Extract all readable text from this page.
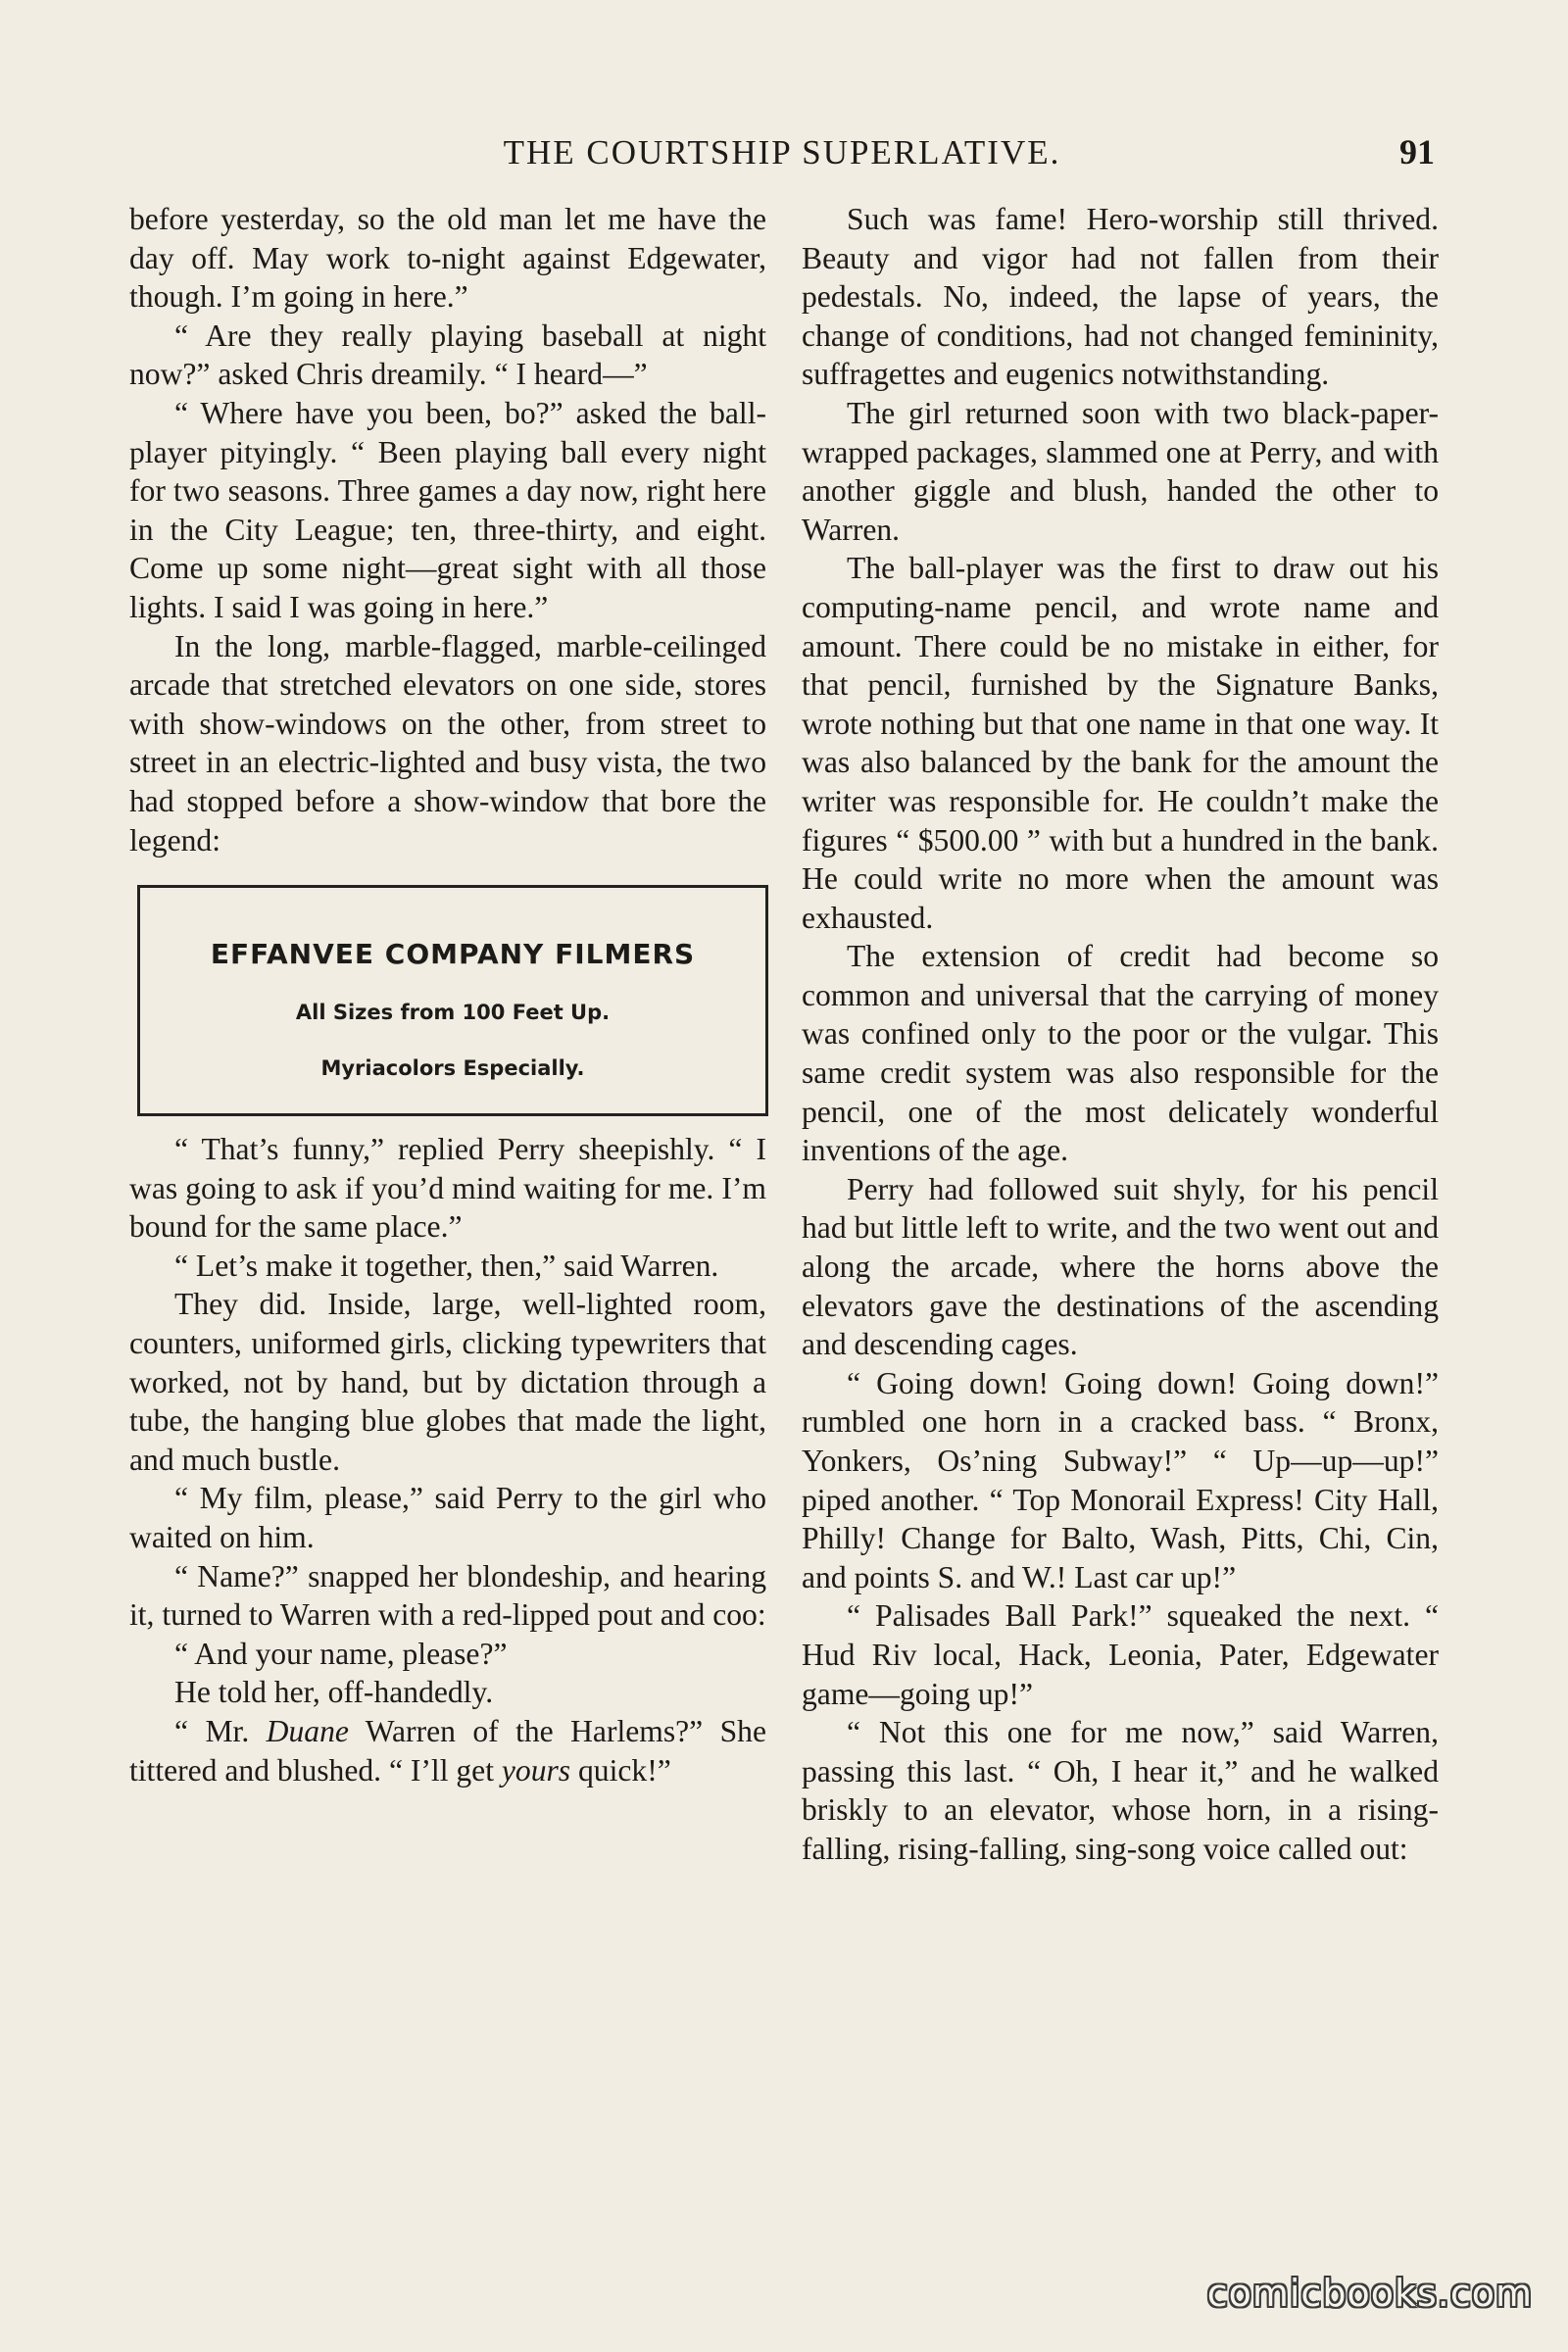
THE COURTSHIP SUPERLATIVE.	91

before yesterday, so the old man let me have the day off. May work to-night against Edgewater, though. I’m going in here.”

“ Are they really playing baseball at night now?” asked Chris dreamily. “ I heard—”

“ Where have you been, bo?” asked the ball-player pityingly. “ Been playing ball every night for two seasons. Three games a day now, right here in the City League; ten, three-thirty, and eight. Come up some night—great sight with all those lights. I said I was going in here.”

In the long, marble-flagged, marble-ceilinged arcade that stretched elevators on one side, stores with show-windows on the other, from street to street in an electric-lighted and busy vista, the two had stopped before a show-window that bore the legend:

EFFANVEE COMPANY FILMERS
All Sizes from 100 Feet Up.
Myriacolors Especially.

“ That’s funny,” replied Perry sheepishly. “ I was going to ask if you’d mind waiting for me. I’m bound for the same place.”

“ Let’s make it together, then,” said Warren.

They did. Inside, large, well-lighted room, counters, uniformed girls, clicking typewriters that worked, not by hand, but by dictation through a tube, the hanging blue globes that made the light, and much bustle.

“ My film, please,” said Perry to the girl who waited on him.

“ Name?” snapped her blondeship, and hearing it, turned to Warren with a red-lipped pout and coo:

“ And your name, please?”

He told her, off-handedly.

“ Mr. Duane Warren of the Harlems?” She tittered and blushed. “ I’ll get yours quick!”

Such was fame! Hero-worship still thrived. Beauty and vigor had not fallen from their pedestals. No, indeed, the lapse of years, the change of conditions, had not changed femininity, suffragettes and eugenics notwithstanding.

The girl returned soon with two black-paper-wrapped packages, slammed one at Perry, and with another giggle and blush, handed the other to Warren.

The ball-player was the first to draw out his computing-name pencil, and wrote name and amount. There could be no mistake in either, for that pencil, furnished by the Signature Banks, wrote nothing but that one name in that one way. It was also balanced by the bank for the amount the writer was responsible for. He couldn’t make the figures “ $500.00 ” with but a hundred in the bank. He could write no more when the amount was exhausted.

The extension of credit had become so common and universal that the carrying of money was confined only to the poor or the vulgar. This same credit system was also responsible for the pencil, one of the most delicately wonderful inventions of the age.

Perry had followed suit shyly, for his pencil had but little left to write, and the two went out and along the arcade, where the horns above the elevators gave the destinations of the ascending and descending cages.

“ Going down! Going down! Going down!” rumbled one horn in a cracked bass. “ Bronx, Yonkers, Os’ning Subway!” “ Up—up—up!” piped another. “ Top Monorail Express! City Hall, Philly! Change for Balto, Wash, Pitts, Chi, Cin, and points S. and W.! Last car up!”

“ Palisades Ball Park!” squeaked the next. “ Hud Riv local, Hack, Leonia, Pater, Edgewater game—going up!”

“ Not this one for me now,” said Warren, passing this last. “ Oh, I hear it,” and he walked briskly to an elevator, whose horn, in a rising-falling, rising-falling, sing-song voice called out:

comicbooks.com
